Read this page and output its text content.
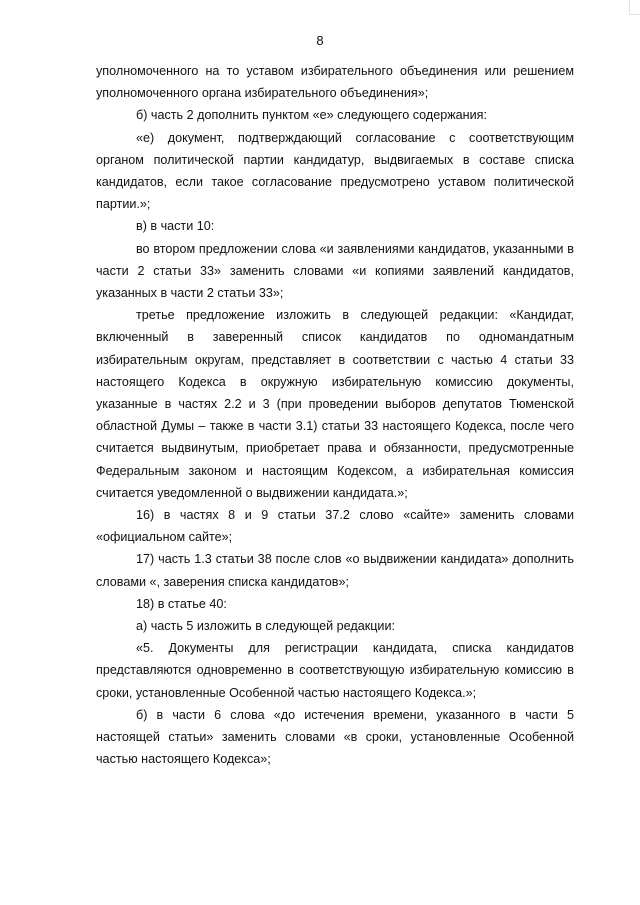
8

уполномоченного на то уставом избирательного объединения или решением уполномоченного органа избирательного объединения»;

б) часть 2 дополнить пунктом «е» следующего содержания:

«е) документ, подтверждающий согласование с соответствующим органом политической партии кандидатур, выдвигаемых в составе списка кандидатов, если такое согласование предусмотрено уставом политической партии.»;

в) в части 10:

во втором предложении слова «и заявлениями кандидатов, указанными в части 2 статьи 33» заменить словами «и копиями заявлений кандидатов, указанных в части 2 статьи 33»;

третье предложение изложить в следующей редакции: «Кандидат, включенный в заверенный список кандидатов по одномандатным избирательным округам, представляет в соответствии с частью 4 статьи 33 настоящего Кодекса в окружную избирательную комиссию документы, указанные в частях 2.2 и 3 (при проведении выборов депутатов Тюменской областной Думы – также в части 3.1) статьи 33 настоящего Кодекса, после чего считается выдвинутым, приобретает права и обязанности, предусмотренные Федеральным законом и настоящим Кодексом, а избирательная комиссия считается уведомленной о выдвижении кандидата.»;

16) в частях 8 и 9 статьи 37.2 слово «сайте» заменить словами «официальном сайте»;

17) часть 1.3 статьи 38 после слов «о выдвижении кандидата» дополнить словами «, заверения списка кандидатов»;

18) в статье 40:

а) часть 5 изложить в следующей редакции:

«5. Документы для регистрации кандидата, списка кандидатов представляются одновременно в соответствующую избирательную комиссию в сроки, установленные Особенной частью настоящего Кодекса.»;

б) в части 6 слова «до истечения времени, указанного в части 5 настоящей статьи» заменить словами «в сроки, установленные Особенной частью настоящего Кодекса»;
